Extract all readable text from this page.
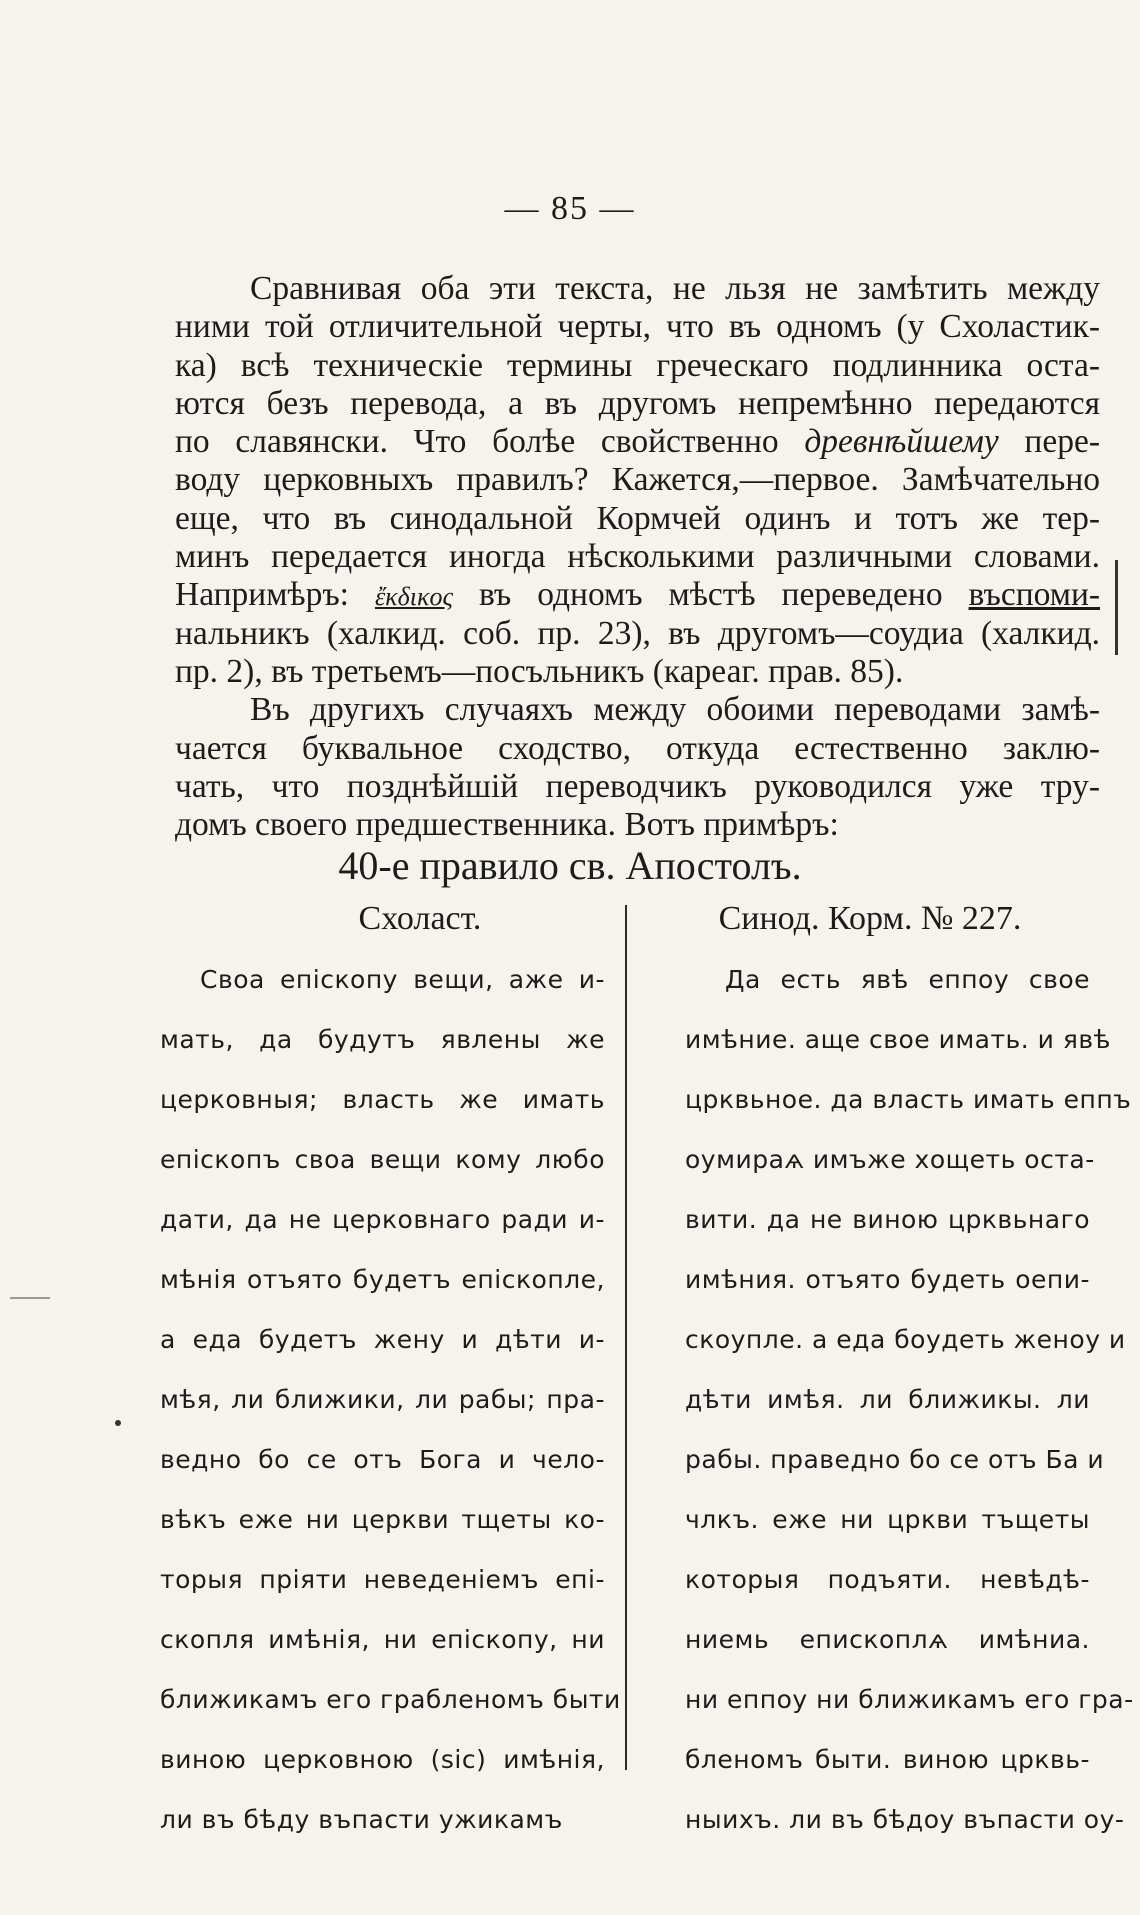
— 85 —
Сравнивая оба эти текста, не льзя не замѣтить между
ними той отличительной черты, что въ одномъ (у Схоластик-
ка) всѣ техническіе термины греческаго подлинника оста-
ются безъ перевода, а въ другомъ непремѣнно передаются
по славянски. Что болѣе свойственно древнѣйшему пере-
воду церковныхъ правилъ? Кажется,—первое. Замѣчательно
еще, что въ синодальной Кормчей одинъ и тотъ же тер-
минъ передается иногда нѣсколькими различными словами.
Напримѣръ: ἔκδικος въ одномъ мѣстѣ переведено въспоми-
нальникъ (халкид. соб. пр. 23), въ другомъ—соудиа (халкид.
пр. 2), въ третьемъ—посъльникъ (кареаг. прав. 85).
Въ другихъ случаяхъ между обоими переводами замѣ-
чается буквальное сходство, откуда естественно заклю-
чать, что позднѣйшій переводчикъ руководился уже тру-
домъ своего предшественника. Вотъ примѣръ:
40-е правило св. Апостолъ.
Схоласт.	Синод. Корм. № 227.
Своа епіскопу вещи, аже и-
мать, да будутъ явлены же
церковныя; власть же имать
епіскопъ своа вещи кому любо
дати, да не церковнаго ради и-
мѣнія отъято будетъ епіскопле,
а еда будетъ жену и дѣти и-
мѣя, ли ближики, ли рабы; пра-
ведно бо се отъ Бога и чело-
вѣкъ еже ни церкви тщеты ко-
торыя пріяти неведеніемъ епі-
скопля имѣнія, ни епіскопу, ни
ближикамъ его грабленомъ быти
виною церковною (sic) имѣнія,
ли въ бѣду въпасти ужикамъ
Да есть явѣ еппоу свое
имѣние. аще свое имать. и явѣ
црквьное. да власть имать еппъ
оумираѧ имъже хощеть оста-
вити. да не виною црквьнаго
имѣния. отъято будеть оепи-
скоупле. а еда боудеть женоу и
дѣти имѣя. ли ближикы. ли
рабы. праведно бо се отъ Ба и
члкъ. еже ни црκви тъщеты
которыя подъяти. невѣдѣ-
ниемь епископлѧ имѣниа.
ни еппоу ни ближикамъ его гра-
бленомъ быти. виною црквь-
ныихъ. ли въ бѣдоу въпасти оу-
